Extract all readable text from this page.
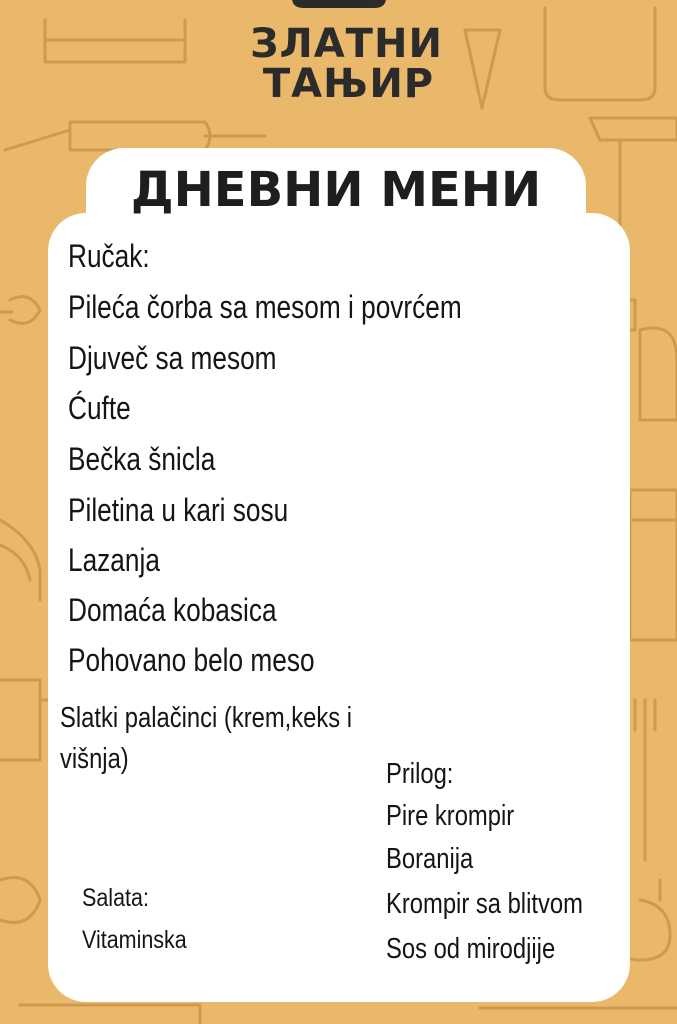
ЗЛАТНИ
ТАЊИР
ДНЕВНИ МЕНИ
Ručak:
Pileća čorba sa mesom i povrćem
Djuveč sa mesom
Ćufte
Bečka šnicla
Piletina u kari sosu
Lazanja
Domaća kobasica
Pohovano belo meso
Slatki palačinci (krem,keks i
višnja)	Prilog:
Pire krompir
Boranija
Krompir sa blitvom
Sos od mirodjije
Salata:
Vitaminska
